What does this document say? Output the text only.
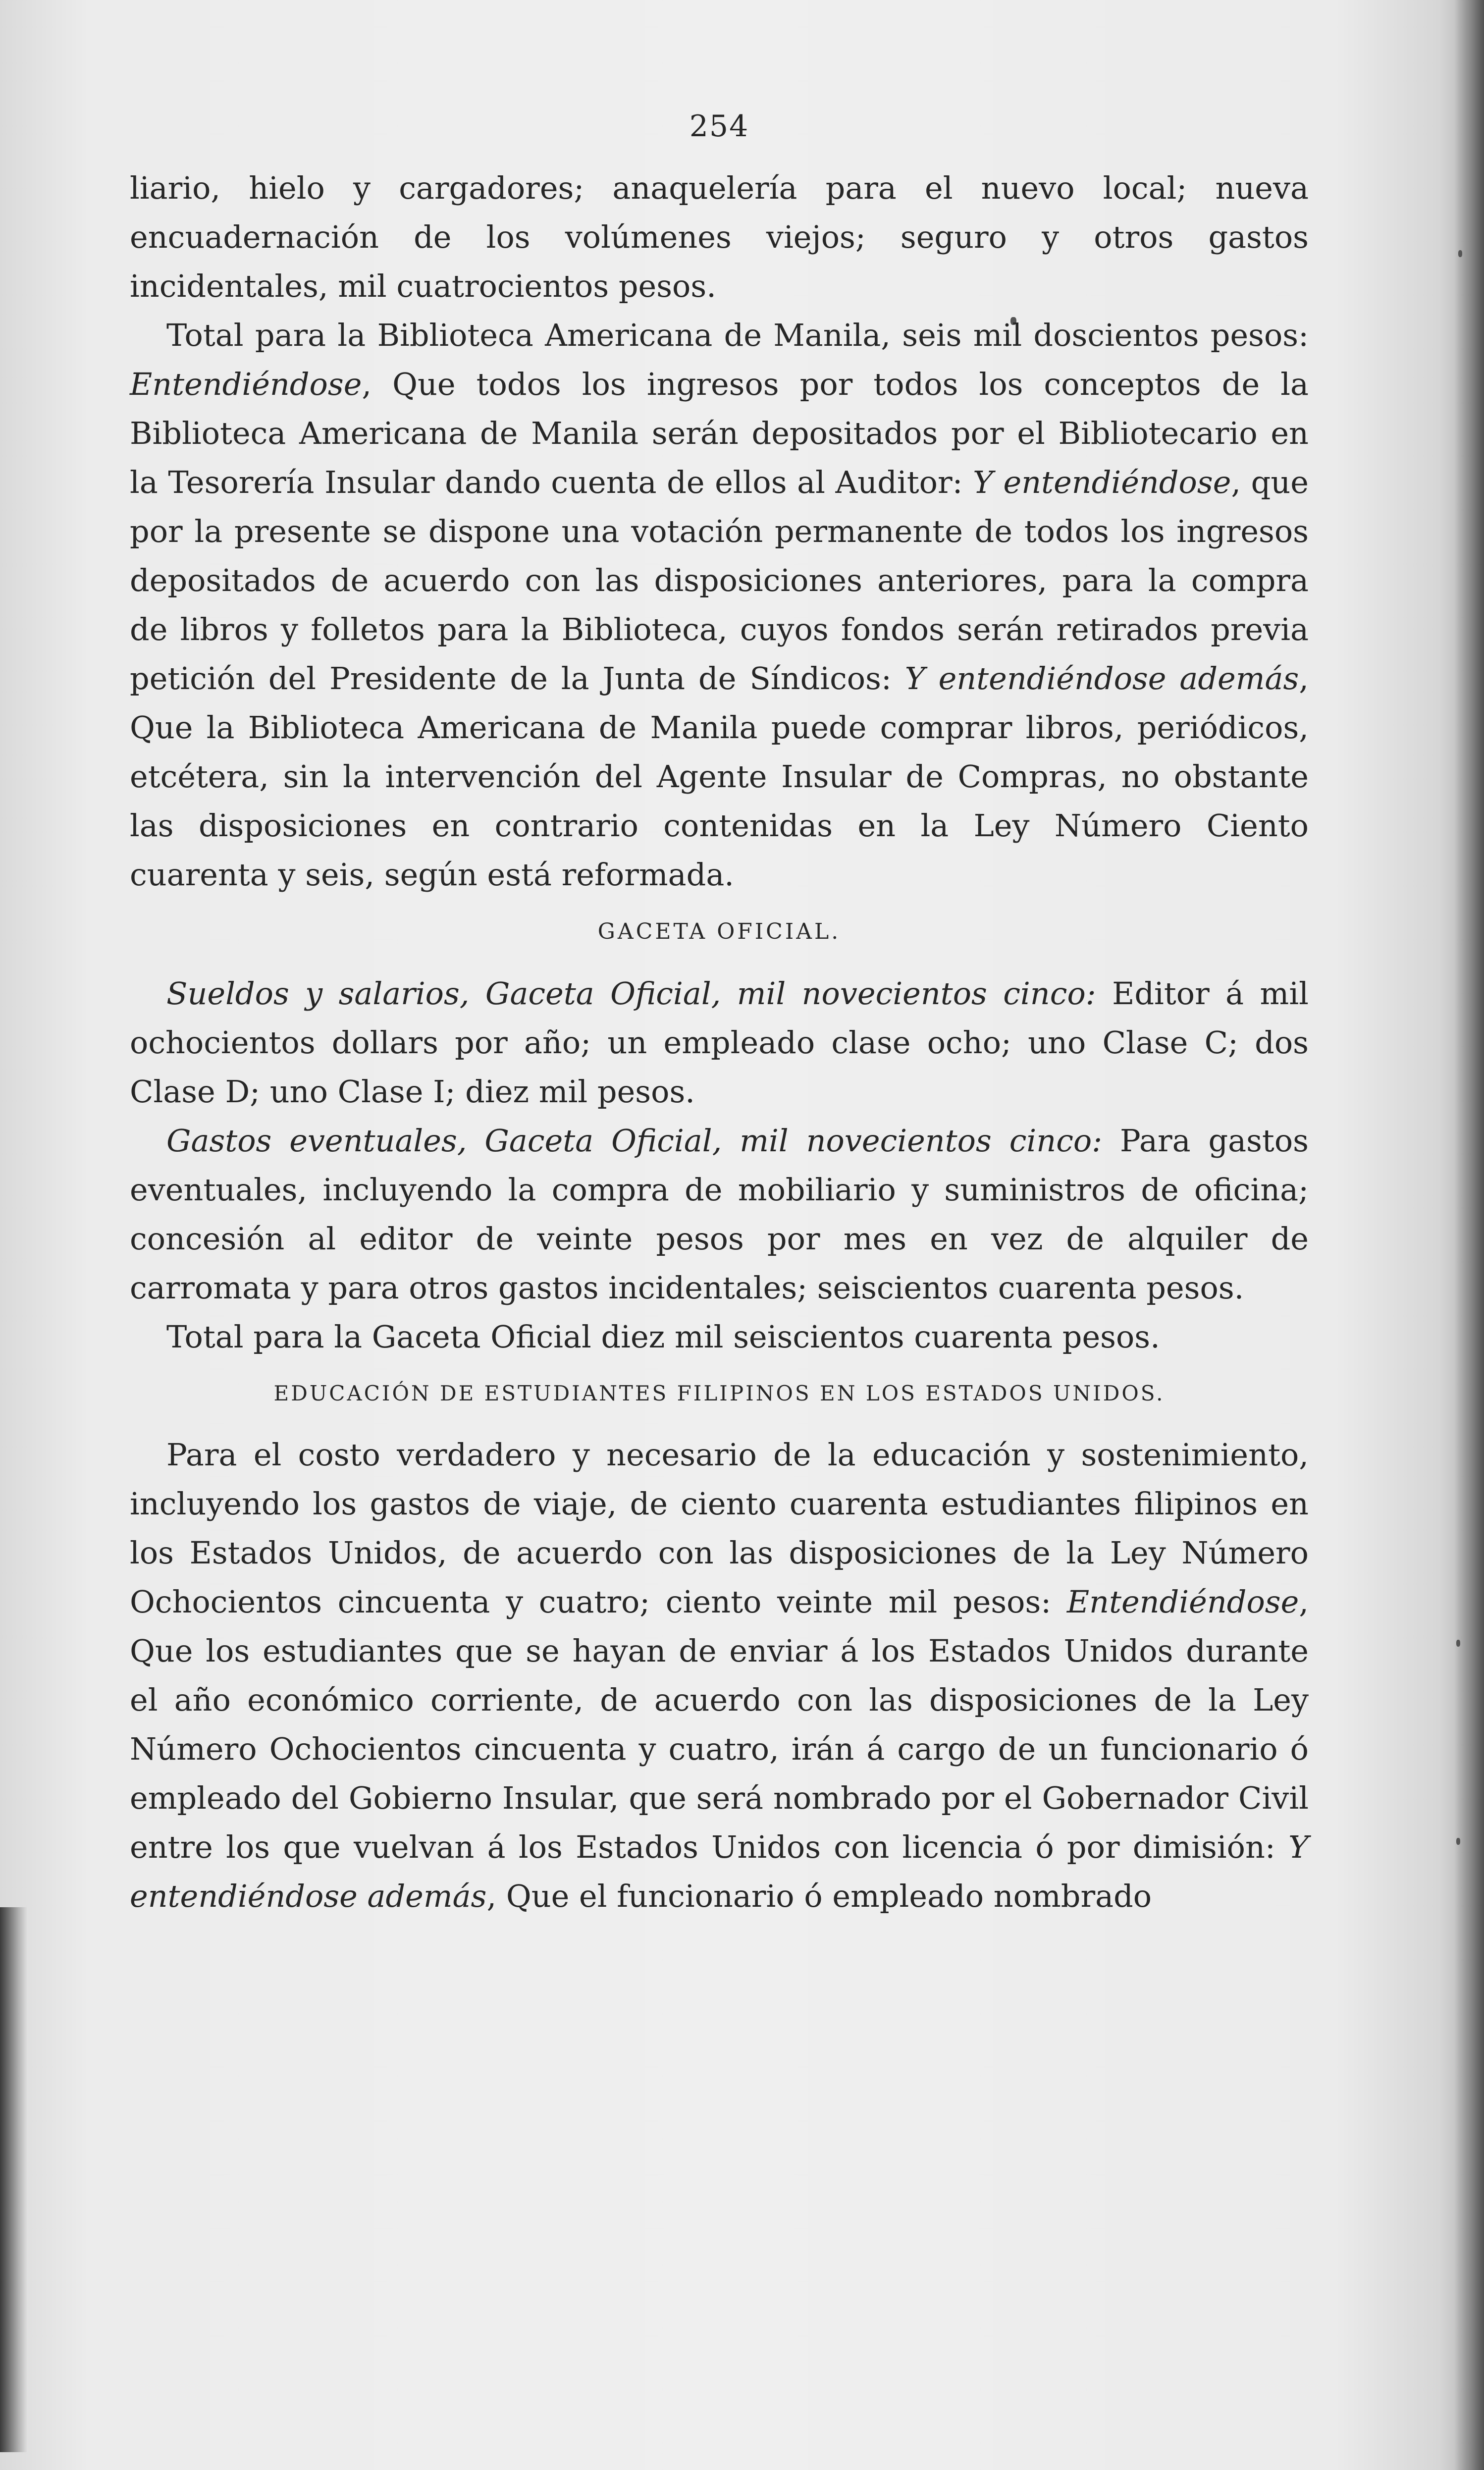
254

liario, hielo y cargadores; anaquelería para el nuevo local; nueva encuadernación de los volúmenes viejos; seguro y otros gastos incidentales, mil cuatrocientos pesos.

Total para la Biblioteca Americana de Manila, seis mil doscientos pesos: Entendiéndose, Que todos los ingresos por todos los conceptos de la Biblioteca Americana de Manila serán depositados por el Bibliotecario en la Tesorería Insular dando cuenta de ellos al Auditor: Y entendiéndose, que por la presente se dispone una votación permanente de todos los ingresos depositados de acuerdo con las disposiciones anteriores, para la compra de libros y folletos para la Biblioteca, cuyos fondos serán retirados previa petición del Presidente de la Junta de Síndicos: Y entendiéndose además, Que la Biblioteca Americana de Manila puede comprar libros, periódicos, etcétera, sin la intervención del Agente Insular de Compras, no obstante las disposiciones en contrario contenidas en la Ley Número Ciento cuarenta y seis, según está reformada.

GACETA OFICIAL.

Sueldos y salarios, Gaceta Oficial, mil novecientos cinco: Editor á mil ochocientos dollars por año; un empleado clase ocho; uno Clase C; dos Clase D; uno Clase I; diez mil pesos.

Gastos eventuales, Gaceta Oficial, mil novecientos cinco: Para gastos eventuales, incluyendo la compra de mobiliario y suministros de oficina; concesión al editor de veinte pesos por mes en vez de alquiler de carromata y para otros gastos incidentales; seiscientos cuarenta pesos.

Total para la Gaceta Oficial diez mil seiscientos cuarenta pesos.

EDUCACIÓN DE ESTUDIANTES FILIPINOS EN LOS ESTADOS UNIDOS.

Para el costo verdadero y necesario de la educación y sostenimiento, incluyendo los gastos de viaje, de ciento cuarenta estudiantes filipinos en los Estados Unidos, de acuerdo con las disposiciones de la Ley Número Ochocientos cincuenta y cuatro; ciento veinte mil pesos: Entendiéndose, Que los estudiantes que se hayan de enviar á los Estados Unidos durante el año económico corriente, de acuerdo con las disposiciones de la Ley Número Ochocientos cincuenta y cuatro, irán á cargo de un funcionario ó empleado del Gobierno Insular, que será nombrado por el Gobernador Civil entre los que vuelvan á los Estados Unidos con licencia ó por dimisión: Y entendiéndose además, Que el funcionario ó empleado nombrado
